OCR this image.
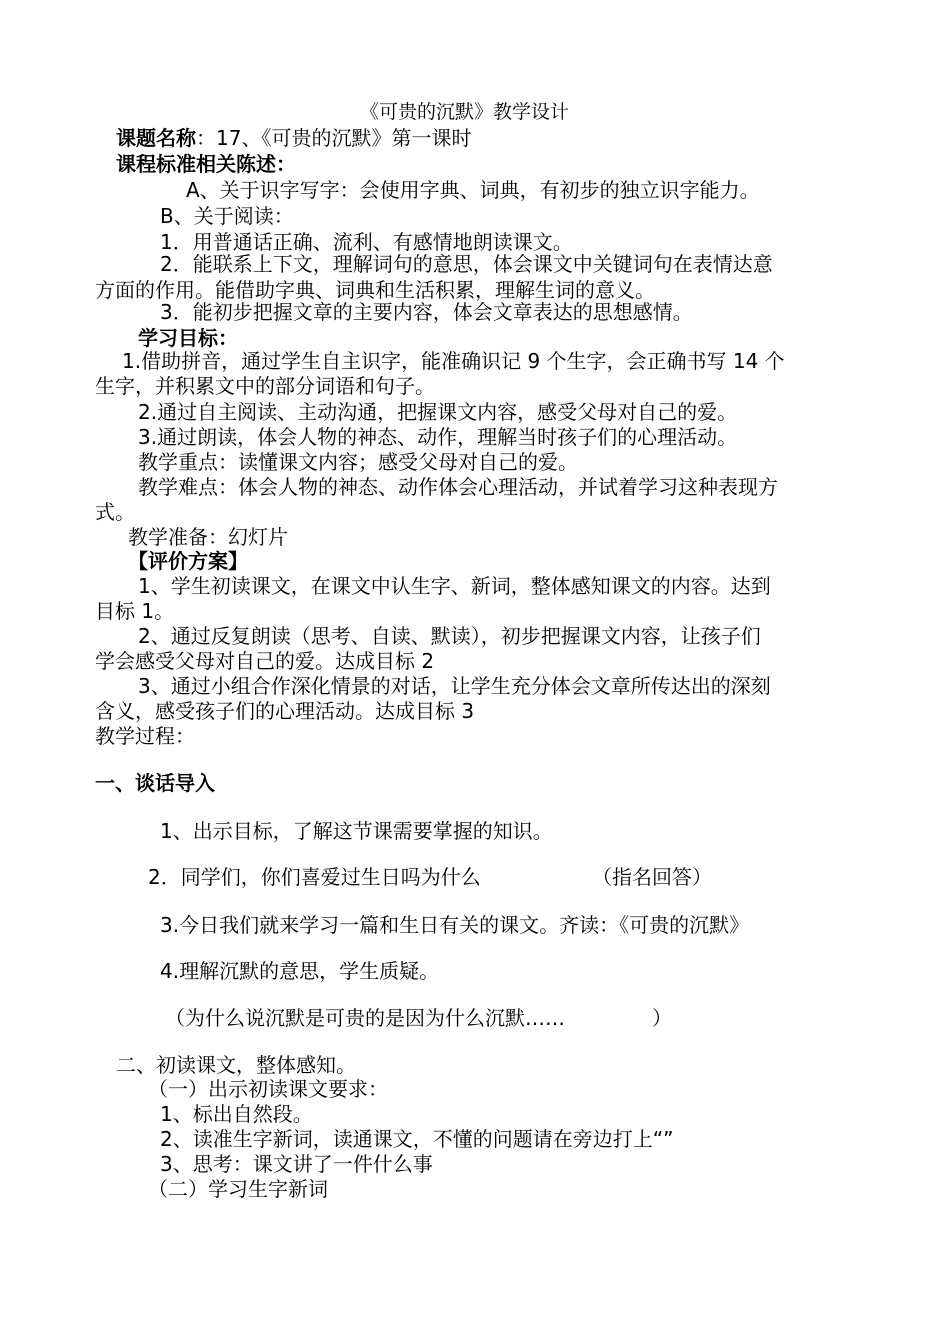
《可贵的沉默》教学设计
课题名称：17、《可贵的沉默》第一课时
课程标准相关陈述：
A、关于识字写字：会使用字典、词典，有初步的独立识字能力。
B、关于阅读：
1．用普通话正确、流利、有感情地朗读课文。
2．能联系上下文，理解词句的意思，体会课文中关键词句在表情达意
方面的作用。能借助字典、词典和生活积累，理解生词的意义。
3．能初步把握文章的主要内容，体会文章表达的思想感情。
学习目标：
1.借助拼音，通过学生自主识字，能准确识记 9 个生字，会正确书写 14 个
生字，并积累文中的部分词语和句子。
2.通过自主阅读、主动沟通，把握课文内容，感受父母对自己的爱。
3.通过朗读，体会人物的神态、动作，理解当时孩子们的心理活动。
教学重点：读懂课文内容；感受父母对自己的爱。
教学难点：体会人物的神态、动作体会心理活动，并试着学习这种表现方
式。
教学准备：幻灯片
【评价方案】
1、学生初读课文，在课文中认生字、新词，整体感知课文的内容。达到
目标 1。
2、通过反复朗读（思考、自读、默读），初步把握课文内容，让孩子们
学会感受父母对自己的爱。达成目标 2
3、通过小组合作深化情景的对话，让学生充分体会文章所传达出的深刻
含义，感受孩子们的心理活动。达成目标 3
教学过程：
一、谈话导入
1、出示目标，了解这节课需要掌握的知识。
2．同学们，你们喜爱过生日吗为什么	（指名回答）
3.今日我们就来学习一篇和生日有关的课文。齐读：《可贵的沉默》
4.理解沉默的意思，学生质疑。
（为什么说沉默是可贵的是因为什么沉默……	）
二、初读课文，整体感知。
（一）出示初读课文要求：
1、标出自然段。
2、读准生字新词，读通课文，不懂的问题请在旁边打上“”
3、思考：课文讲了一件什么事
（二）学习生字新词
